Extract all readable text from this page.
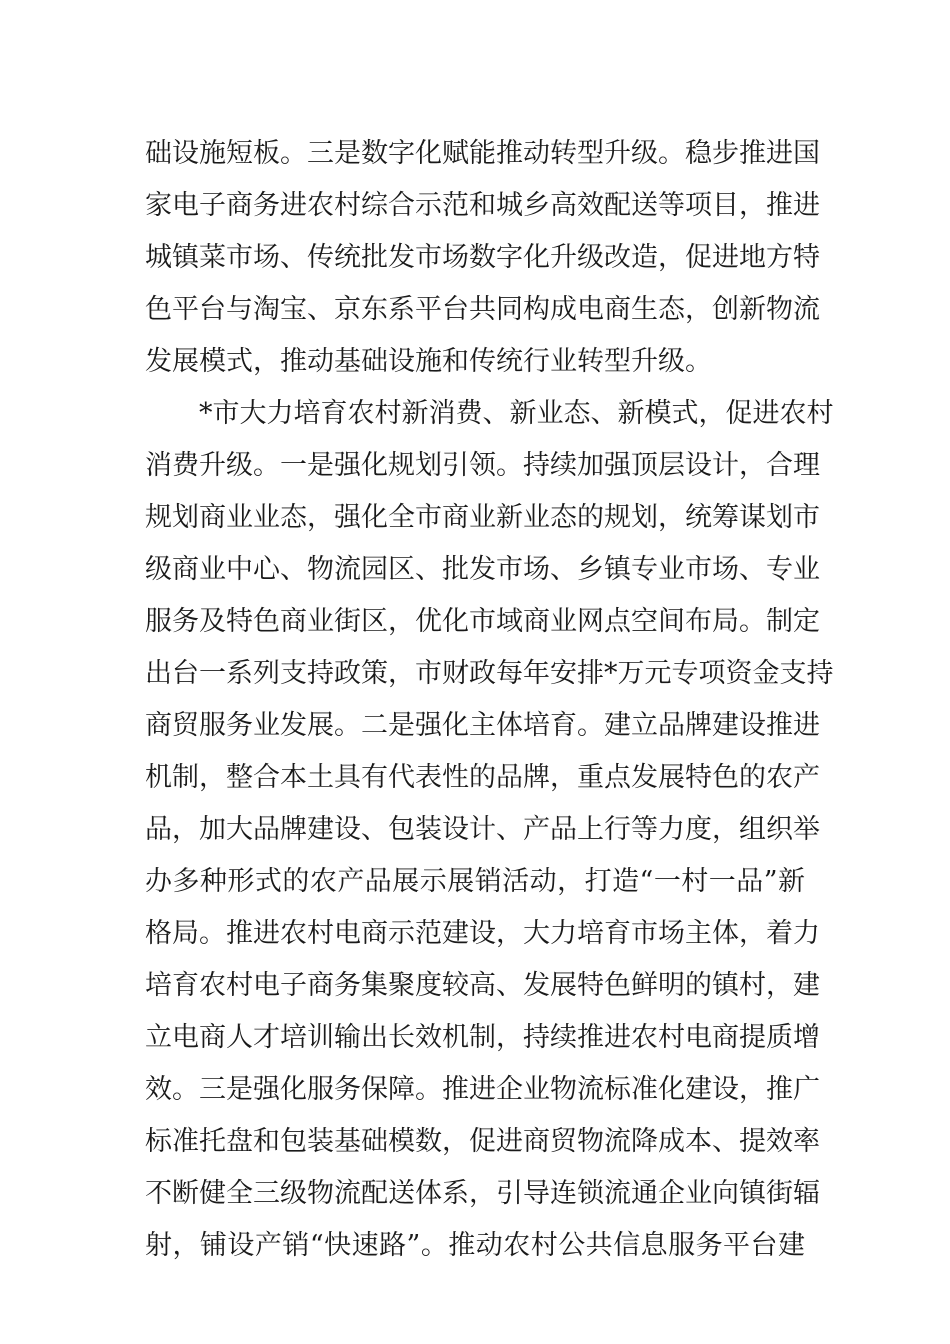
础设施短板。三是数字化赋能推动转型升级。稳步推进国
家电子商务进农村综合示范和城乡高效配送等项目，推进
城镇菜市场、传统批发市场数字化升级改造，促进地方特
色平台与淘宝、京东系平台共同构成电商生态，创新物流
发展模式，推动基础设施和传统行业转型升级。
*市大力培育农村新消费、新业态、新模式，促进农村
消费升级。一是强化规划引领。持续加强顶层设计，合理
规划商业业态，强化全市商业新业态的规划，统筹谋划市
级商业中心、物流园区、批发市场、乡镇专业市场、专业
服务及特色商业街区，优化市域商业网点空间布局。制定
出台一系列支持政策，市财政每年安排*万元专项资金支持
商贸服务业发展。二是强化主体培育。建立品牌建设推进
机制，整合本土具有代表性的品牌，重点发展特色的农产
品，加大品牌建设、包装设计、产品上行等力度，组织举
办多种形式的农产品展示展销活动，打造“一村一品”新
格局。推进农村电商示范建设，大力培育市场主体，着力
培育农村电子商务集聚度较高、发展特色鲜明的镇村，建
立电商人才培训输出长效机制，持续推进农村电商提质增
效。三是强化服务保障。推进企业物流标准化建设，推广
标准托盘和包装基础模数，促进商贸物流降成本、提效率
不断健全三级物流配送体系，引导连锁流通企业向镇街辐
射，铺设产销“快速路”。推动农村公共信息服务平台建
